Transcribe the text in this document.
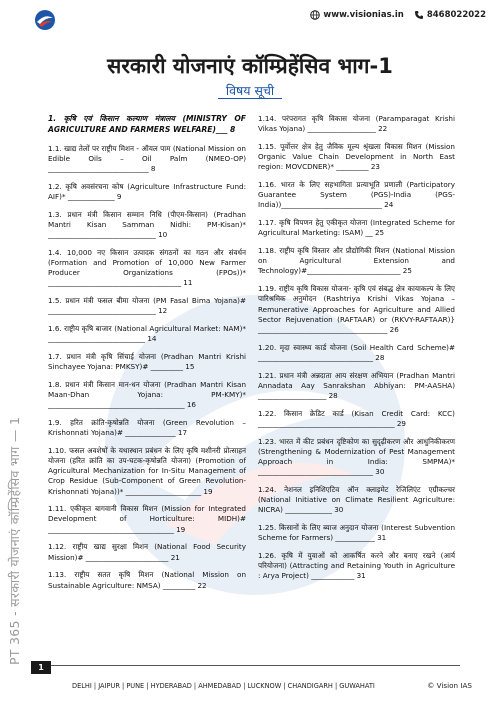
www.visionias.in	8468022022
PT 365 - सरकारी योजनाएं कॉम्प्रिहेंसिव भाग — 1
सरकारी योजनाएं कॉम्प्रिहेंसिव भाग-1
विषय सूची
1. कृषि एवं किसान कल्याण मंत्रालय (MINISTRY OF AGRICULTURE AND FARMERS WELFARE)___ 8
1.1. खाद्य तेलों पर राष्ट्रीय मिशन - ऑयल पाम (National Mission on Edible Oils – Oil Palm (NMEO-OP) ____________________________ 8
1.2. कृषि अवसंरचना कोष (Agriculture Infrastructure Fund: AIF)* _____________ 9
1.3. प्रधान मंत्री किसान सम्मान निधि (पीएम-किसान) (Pradhan Mantri Kisan Samman Nidhi: PM-Kisan)* ______________________________ 10
1.4. 10,000 नए किसान उत्पादक संगठनों का गठन और संवर्धन (Formation and Promotion of 10,000 New Farmer Producer Organizations (FPOs))* _____________________________________ 11
1.5. प्रधान मंत्री फसल बीमा योजना (PM Fasal Bima Yojana)# ______________________________ 12
1.6. राष्ट्रीय कृषि बाजार (National Agricultural Market: NAM)* ___________________________ 14
1.7. प्रधान मंत्री कृषि सिंचाई योजना (Pradhan Mantri Krishi Sinchayee Yojana: PMKSY)# _________ 15
1.8. प्रधान मंत्री किसान मान-धन योजना (Pradhan Mantri Kisan Maan-Dhan Yojana: PM-KMY)* ______________________________________ 16
1.9. हरित क्रांति-कृषोन्नति योजना (Green Revolution – Krishonnati Yojana)# ______________ 17
1.10. फसल अवशेषों के यथास्थान प्रबंधन के लिए कृषि मशीनरी प्रोत्साहन योजना (हरित क्रांति का उप-घटक-कृषोन्नति योजना) (Promotion of Agricultural Mechanization for In-Situ Management of Crop Residue (Sub-Component of Green Revolution-Krishonnati Yojana))* _____________________ 19
1.11. एकीकृत बागवानी विकास मिशन (Mission for Integrated Development of Horticulture: MIDH)# ___________________________________ 19
1.12. राष्ट्रीय खाद्य सुरक्षा मिशन (National Food Security Mission)# _______________________ 21
1.13. राष्ट्रीय सतत कृषि मिशन (National Mission on Sustainable Agriculture: NMSA) _________ 22
1.14. परंपरागत कृषि विकास योजना (Paramparagat Krishi Vikas Yojana) ___________________ 22
1.15. पूर्वोत्तर क्षेत्र हेतु जैविक मूल्य श्रृंखला विकास मिशन (Mission Organic Value Chain Development in North East region: MOVCDNER)* _________ 23
1.16. भारत के लिए सहभागिता प्रत्याभूति प्रणाली (Participatory Guarantee System (PGS)-India (PGS-India))____________________________ 24
1.17. कृषि विपणन हेतु एकीकृत योजना (Integrated Scheme for Agricultural Marketing: ISAM) __ 25
1.18. राष्ट्रीय कृषि विस्तार और प्रौद्योगिकी मिशन (National Mission on Agricultural Extension and Technology)#__________________________ 25
1.19. राष्ट्रीय कृषि विकास योजना- कृषि एवं संबद्ध क्षेत्र कायाकल्प के लिए पारिश्रमिक अनुमोदन (Rashtriya Krishi Vikas Yojana – Remunerative Approaches for Agriculture and Allied Sector Rejuvenation (RAFTAAR) or (RKVY-RAFTAAR)} ____________________________________ 26
1.20. मृदा स्वास्थ्य कार्ड योजना (Soil Health Card Scheme)# ________________________________ 28
1.21. प्रधान मंत्री अन्नदाता आय संरक्षण अभियान (Pradhan Mantri Annadata Aay Sanrakshan Abhiyan: PM-AASHA) ___________________ 28
1.22. किसान क्रेडिट कार्ड (Kisan Credit Card: KCC) ______________________________________ 29
1.23. भारत में कीट प्रबंधन दृष्टिकोण का सुदृढ़ीकरण और आधुनिकीकरण (Strengthening & Modernization of Pest Management Approach in India: SMPMA)* ________________________________ 30
1.24. नेशनल इनिशिएटिव ऑन क्लाइमेट रेजिलिएंट एग्रीकल्चर (National Initiative on Climate Resilient Agriculture: NICRA) _____________ 30
1.25. किसानों के लिए ब्याज अनुदान योजना (Interest Subvention Scheme for Farmers) ___________ 31
1.26. कृषि में युवाओं को आकर्षित करने और बनाए रखने (आर्य परियोजना) (Attracting and Retaining Youth in Agriculture : Arya Project) ____________ 31
1
DELHI | JAIPUR | PUNE | HYDERABAD | AHMEDABAD | LUCKNOW | CHANDIGARH | GUWAHATI	© Vision IAS
